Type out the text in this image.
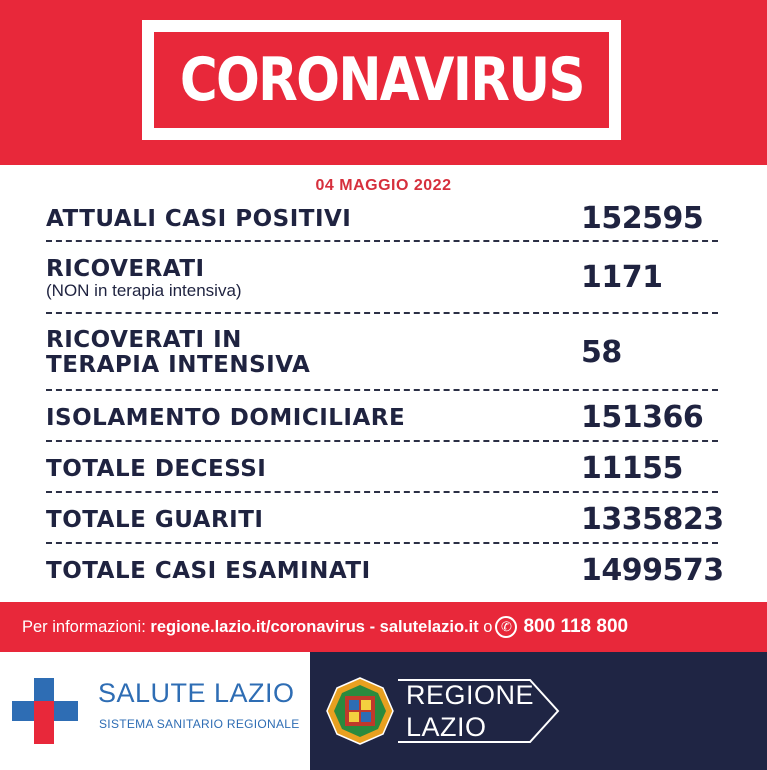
CORONAVIRUS
04 MAGGIO 2022
ATTUALI CASI POSITIVI	152595
RICOVERATI
(NON in terapia intensiva)	1171
RICOVERATI IN
TERAPIA INTENSIVA	58
ISOLAMENTO DOMICILIARE	151366
TOTALE DECESSI	11155
TOTALE GUARITI	1335823
TOTALE CASI ESAMINATI	1499573
Per informazioni:
regione.lazio.it/coronavirus
-
salutelazio.it
o ✆ 800 118 800
SALUTE LAZIO
SISTEMA SANITARIO REGIONALE
REGIONE
LAZIO
